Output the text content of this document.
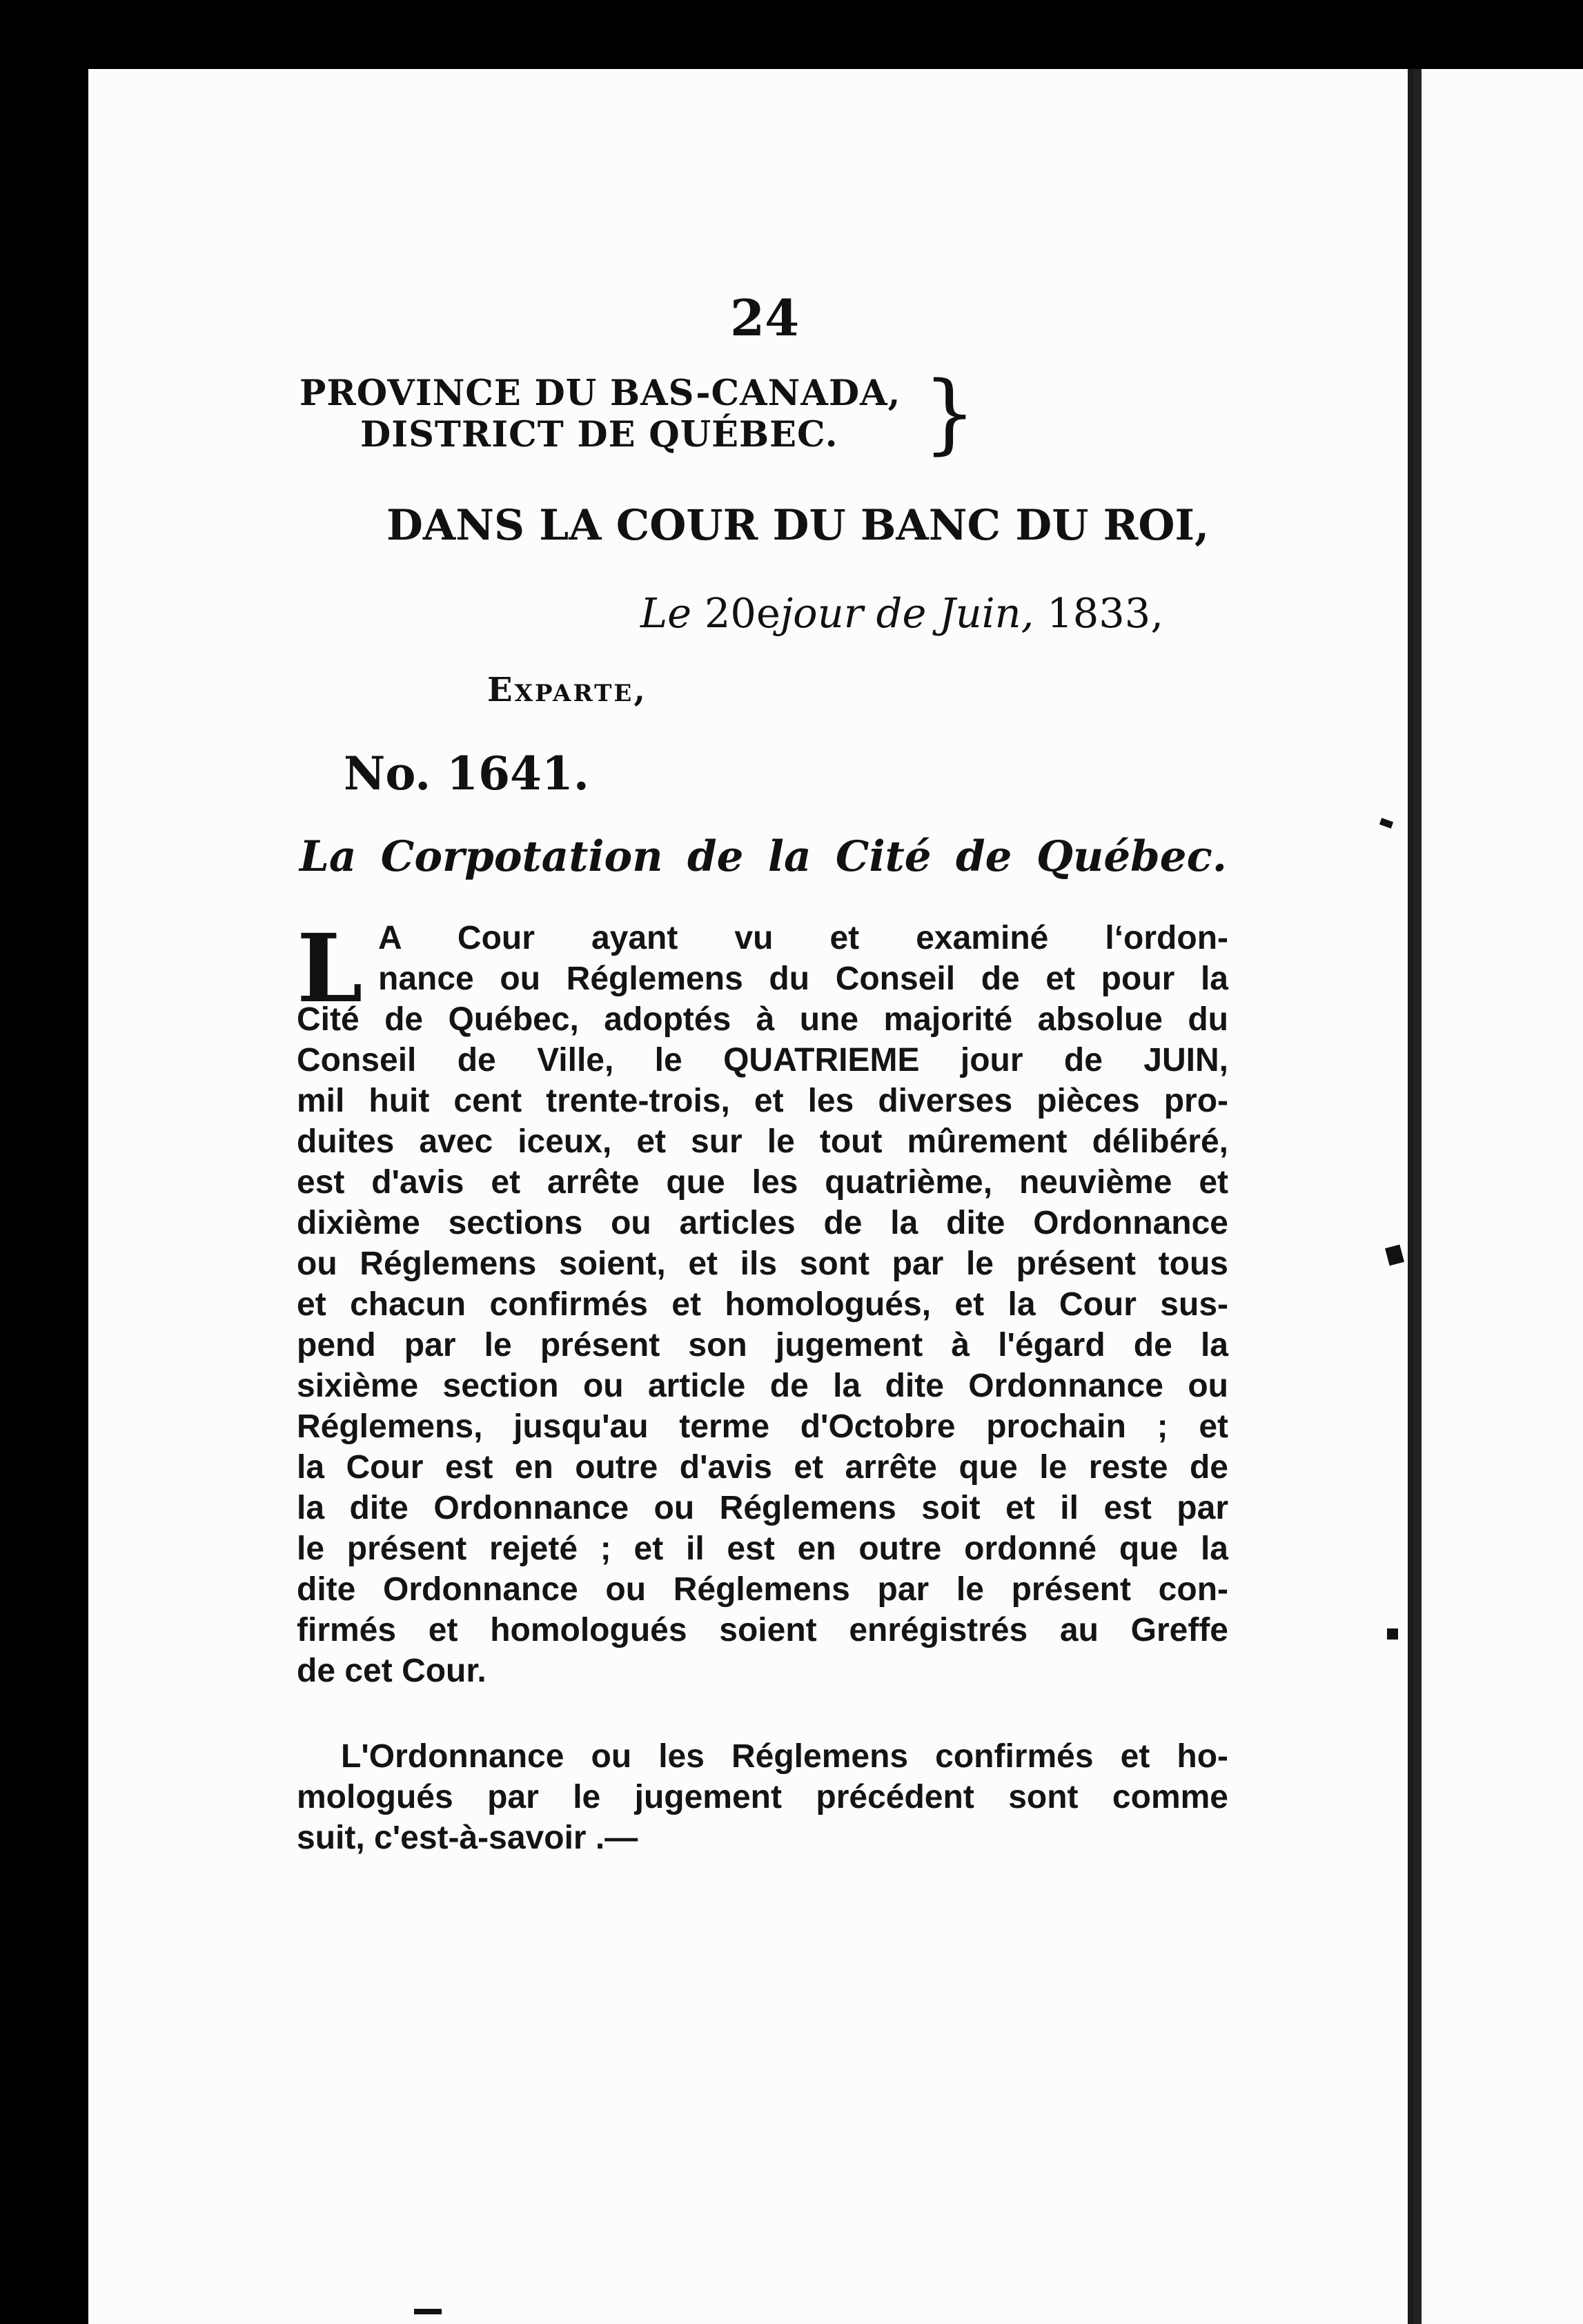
24
PROVINCE DU BAS-CANADA,
DISTRICT DE QUÉBEC. }
DANS LA COUR DU BANC DU ROI,
Le 20ejour de Juin, 1833,
Exparte,
No. 1641.
La Corpotation de la Cité de Québec.
L A Cour ayant vu et examiné l‘ordon-
nance ou Réglemens du Conseil de et pour la
Cité de Québec, adoptés à une majorité absolue du
Conseil de Ville, le QUATRIEME jour de JUIN,
mil huit cent trente-trois, et les diverses pièces pro-
duites avec iceux, et sur le tout mûrement délibéré,
est d'avis et arrête que les quatrième, neuvième et
dixième sections ou articles de la dite Ordonnance
ou Réglemens soient, et ils sont par le présent tous
et chacun confirmés et homologués, et la Cour sus-
pend par le présent son jugement à l'égard de la
sixième section ou article de la dite Ordonnance ou
Réglemens, jusqu'au terme d'Octobre prochain ; et
la Cour est en outre d'avis et arrête que le reste de
la dite Ordonnance ou Réglemens soit et il est par
le présent rejeté ; et il est en outre ordonné que la
dite Ordonnance ou Réglemens par le présent con-
firmés et homologués soient enrégistrés au Greffe
de cet Cour.
L'Ordonnance ou les Réglemens confirmés et ho-
mologués par le jugement précédent sont comme
suit, c'est-à-savoir .—
